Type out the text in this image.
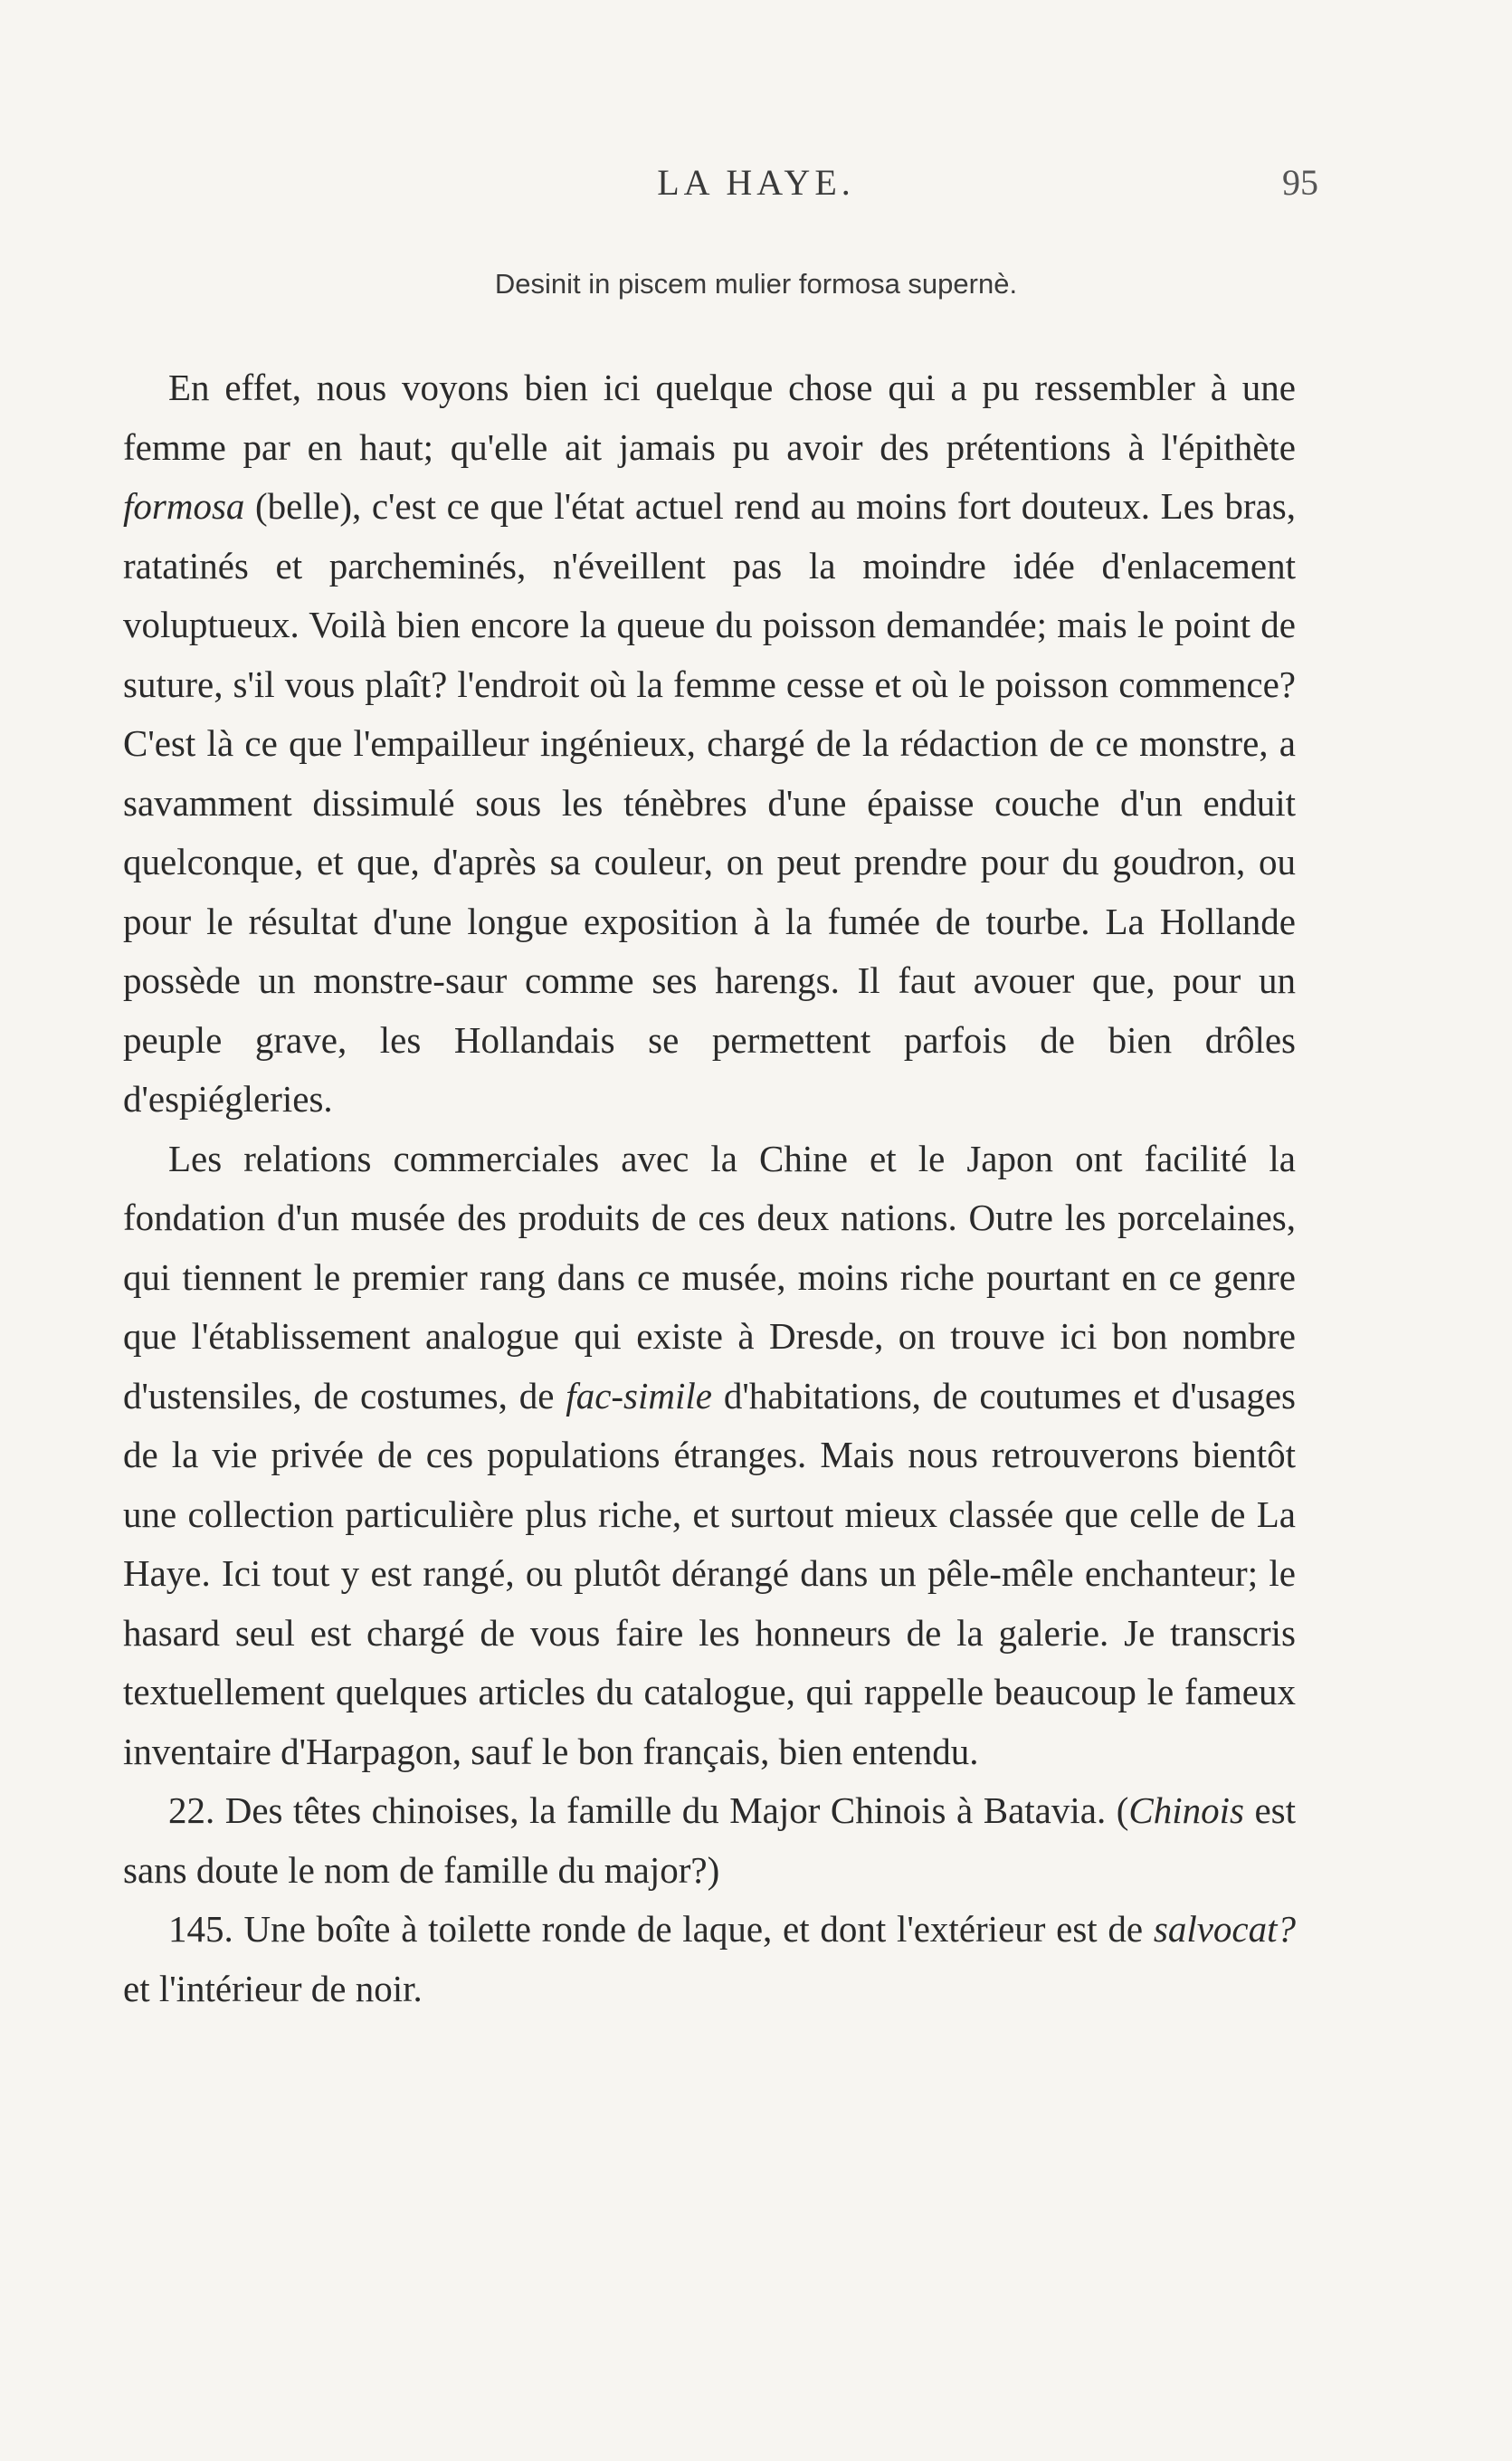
LA HAYE.	95
Desinit in piscem mulier formosa supernè.

En effet, nous voyons bien ici quelque chose qui a pu ressembler à une femme par en haut; qu'elle ait jamais pu avoir des prétentions à l'épithète formosa (belle), c'est ce que l'état actuel rend au moins fort douteux. Les bras, ratatinés et parcheminés, n'éveillent pas la moindre idée d'enlacement voluptueux. Voilà bien encore la queue du poisson demandée; mais le point de suture, s'il vous plaît? l'endroit où la femme cesse et où le poisson commence? C'est là ce que l'empailleur ingénieux, chargé de la rédaction de ce monstre, a savamment dissimulé sous les ténèbres d'une épaisse couche d'un enduit quelconque, et que, d'après sa couleur, on peut prendre pour du goudron, ou pour le résultat d'une longue exposition à la fumée de tourbe. La Hollande possède un monstre-saur comme ses harengs. Il faut avouer que, pour un peuple grave, les Hollandais se permettent parfois de bien drôles d'espiégleries.

Les relations commerciales avec la Chine et le Japon ont facilité la fondation d'un musée des produits de ces deux nations. Outre les porcelaines, qui tiennent le premier rang dans ce musée, moins riche pourtant en ce genre que l'établissement analogue qui existe à Dresde, on trouve ici bon nombre d'ustensiles, de costumes, de fac-simile d'habitations, de coutumes et d'usages de la vie privée de ces populations étranges. Mais nous retrouverons bientôt une collection particulière plus riche, et surtout mieux classée que celle de La Haye. Ici tout y est rangé, ou plutôt dérangé dans un pêle-mêle enchanteur; le hasard seul est chargé de vous faire les honneurs de la galerie. Je transcris textuellement quelques articles du catalogue, qui rappelle beaucoup le fameux inventaire d'Harpagon, sauf le bon français, bien entendu.

22. Des têtes chinoises, la famille du Major Chinois à Batavia. (Chinois est sans doute le nom de famille du major?)

145. Une boîte à toilette ronde de laque, et dont l'extérieur est de salvocat? et l'intérieur de noir.
